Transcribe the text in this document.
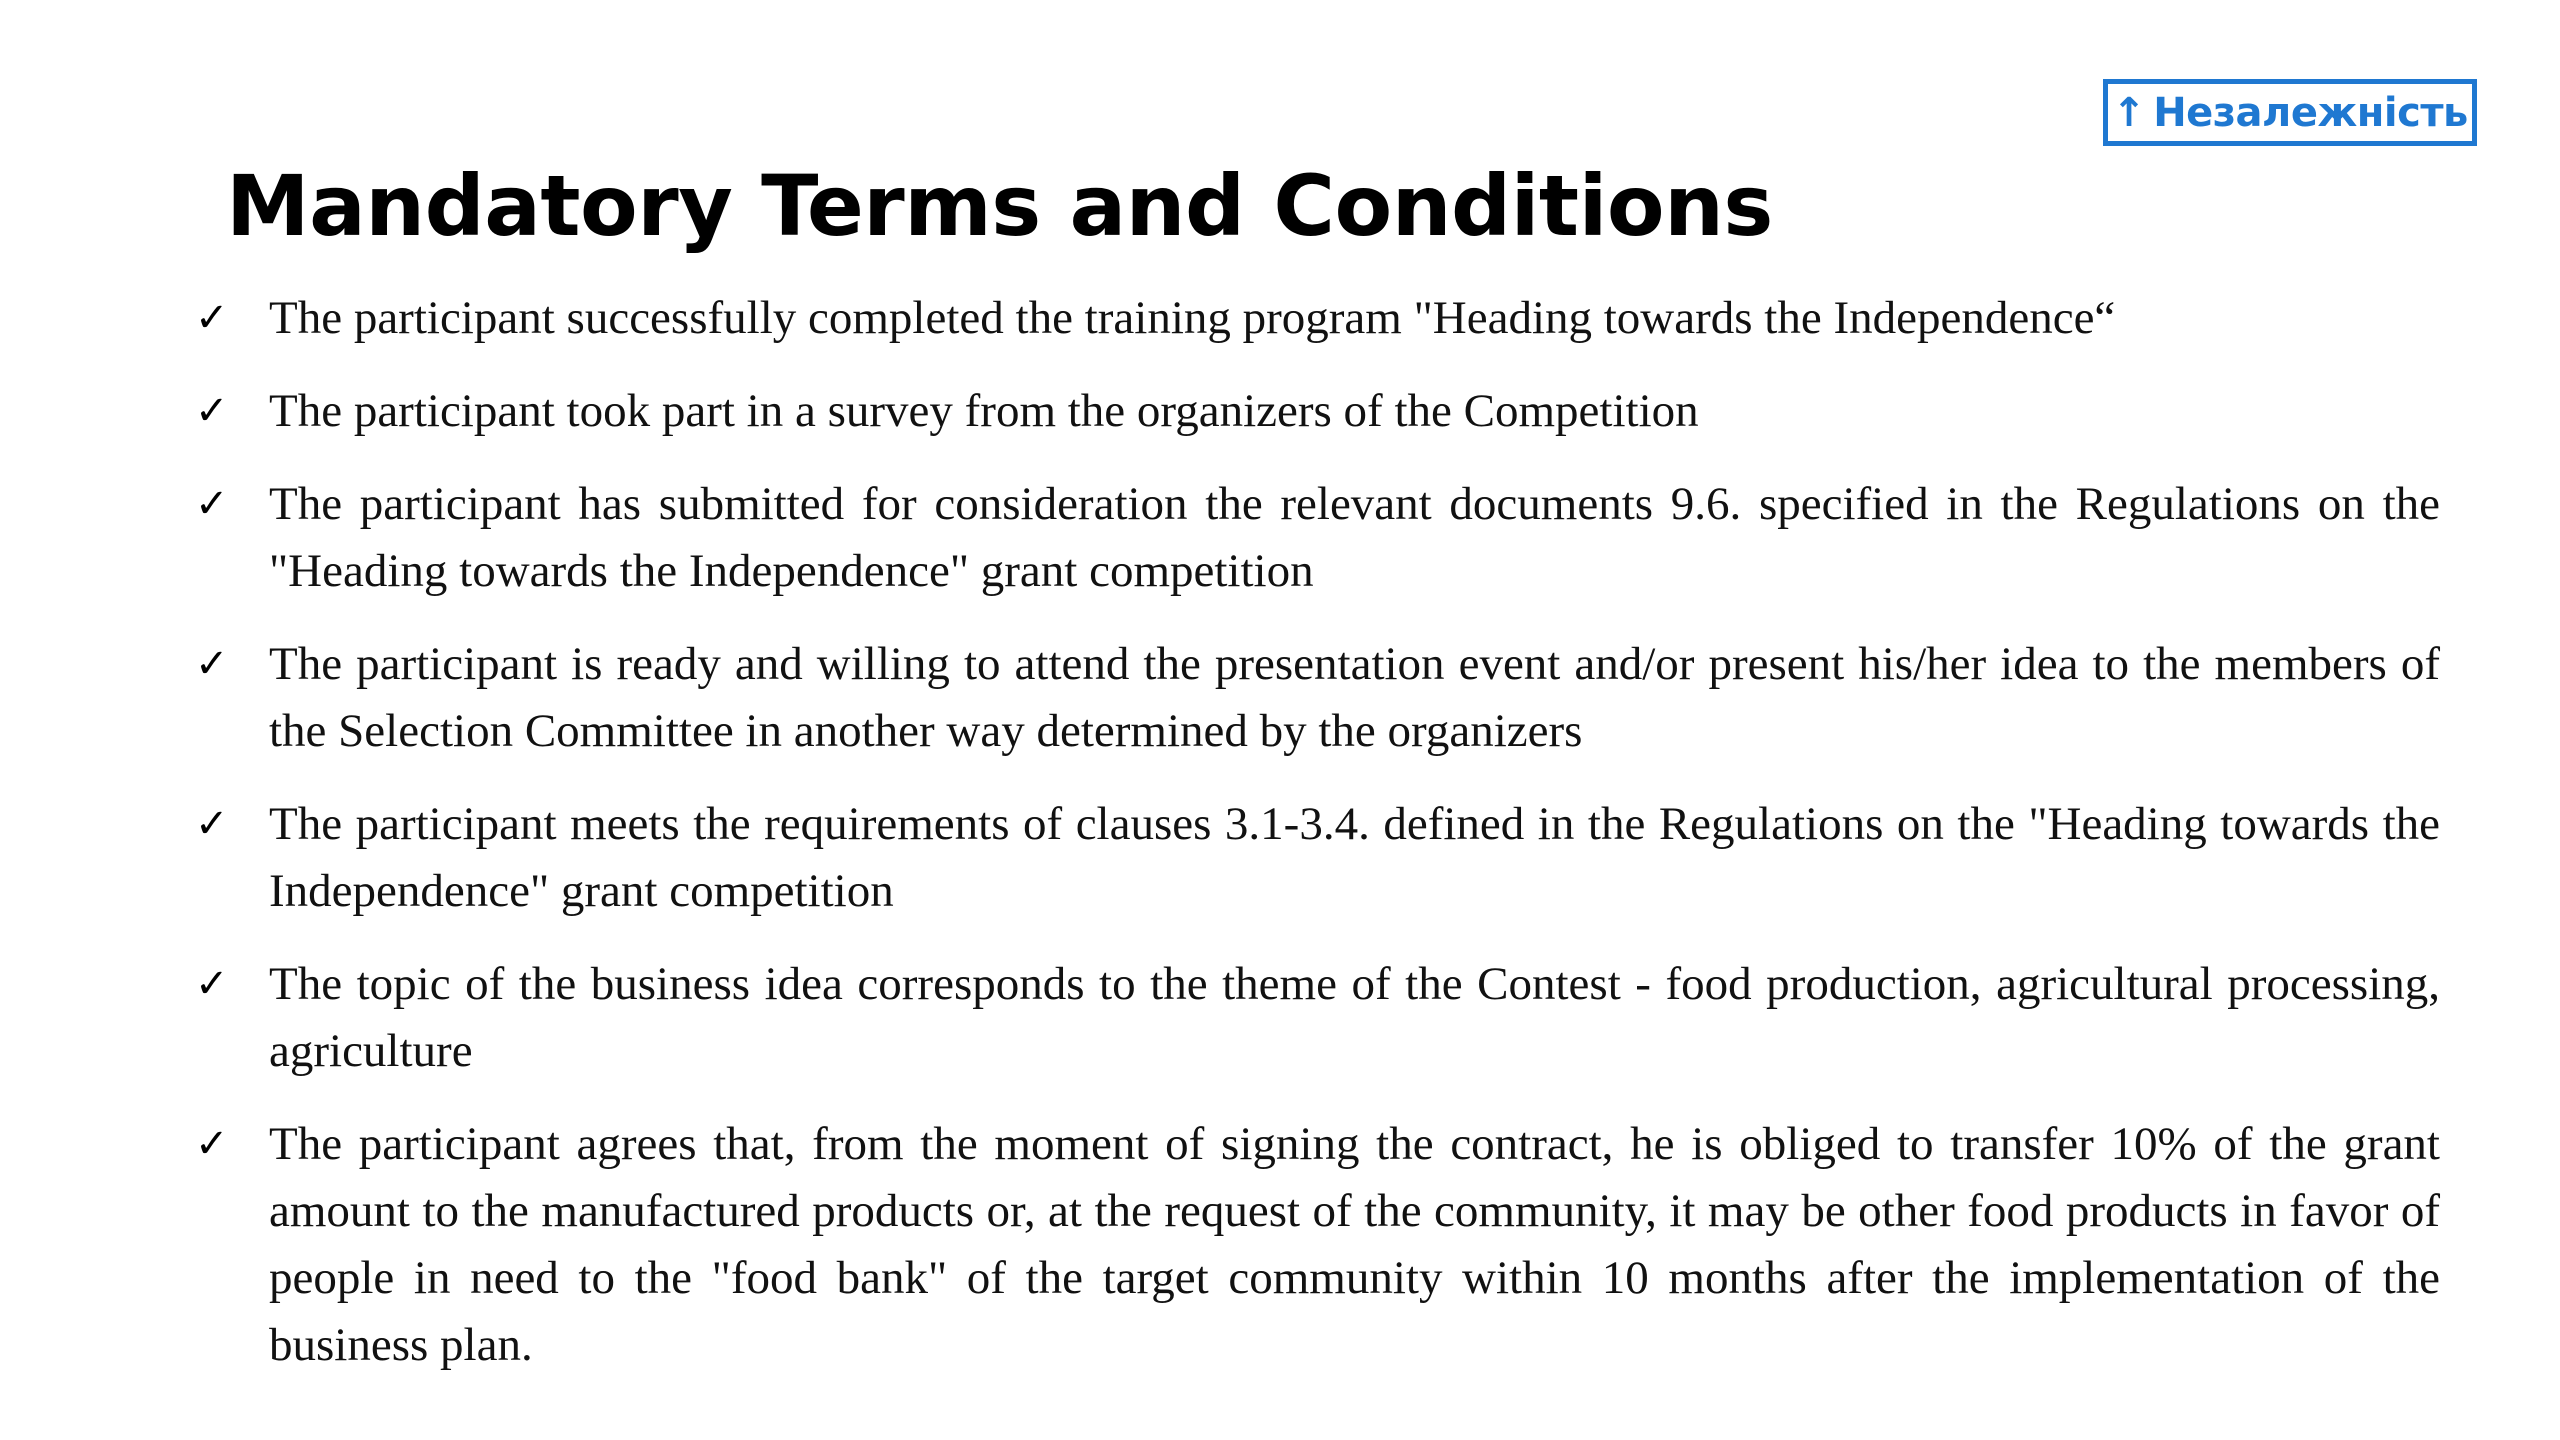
↑ Незалежність
Mandatory Terms and Conditions
✓ The participant successfully completed the training program "Heading towards the Independence“
✓ The participant took part in a survey from the organizers of the Competition
✓ The participant has submitted for consideration the relevant documents 9.6. specified in the Regulations on the "Heading towards the Independence" grant competition
✓ The participant is ready and willing to attend the presentation event and/or present his/her idea to the members of the Selection Committee in another way determined by the organizers
✓ The participant meets the requirements of clauses 3.1-3.4. defined in the Regulations on the "Heading towards the Independence" grant competition
✓ The topic of the business idea corresponds to the theme of the Contest - food production, agricultural processing, agriculture
✓ The participant agrees that, from the moment of signing the contract, he is obliged to transfer 10% of the grant amount to the manufactured products or, at the request of the community, it may be other food products in favor of people in need to the "food bank" of the target community within 10 months after the implementation of the business plan.
